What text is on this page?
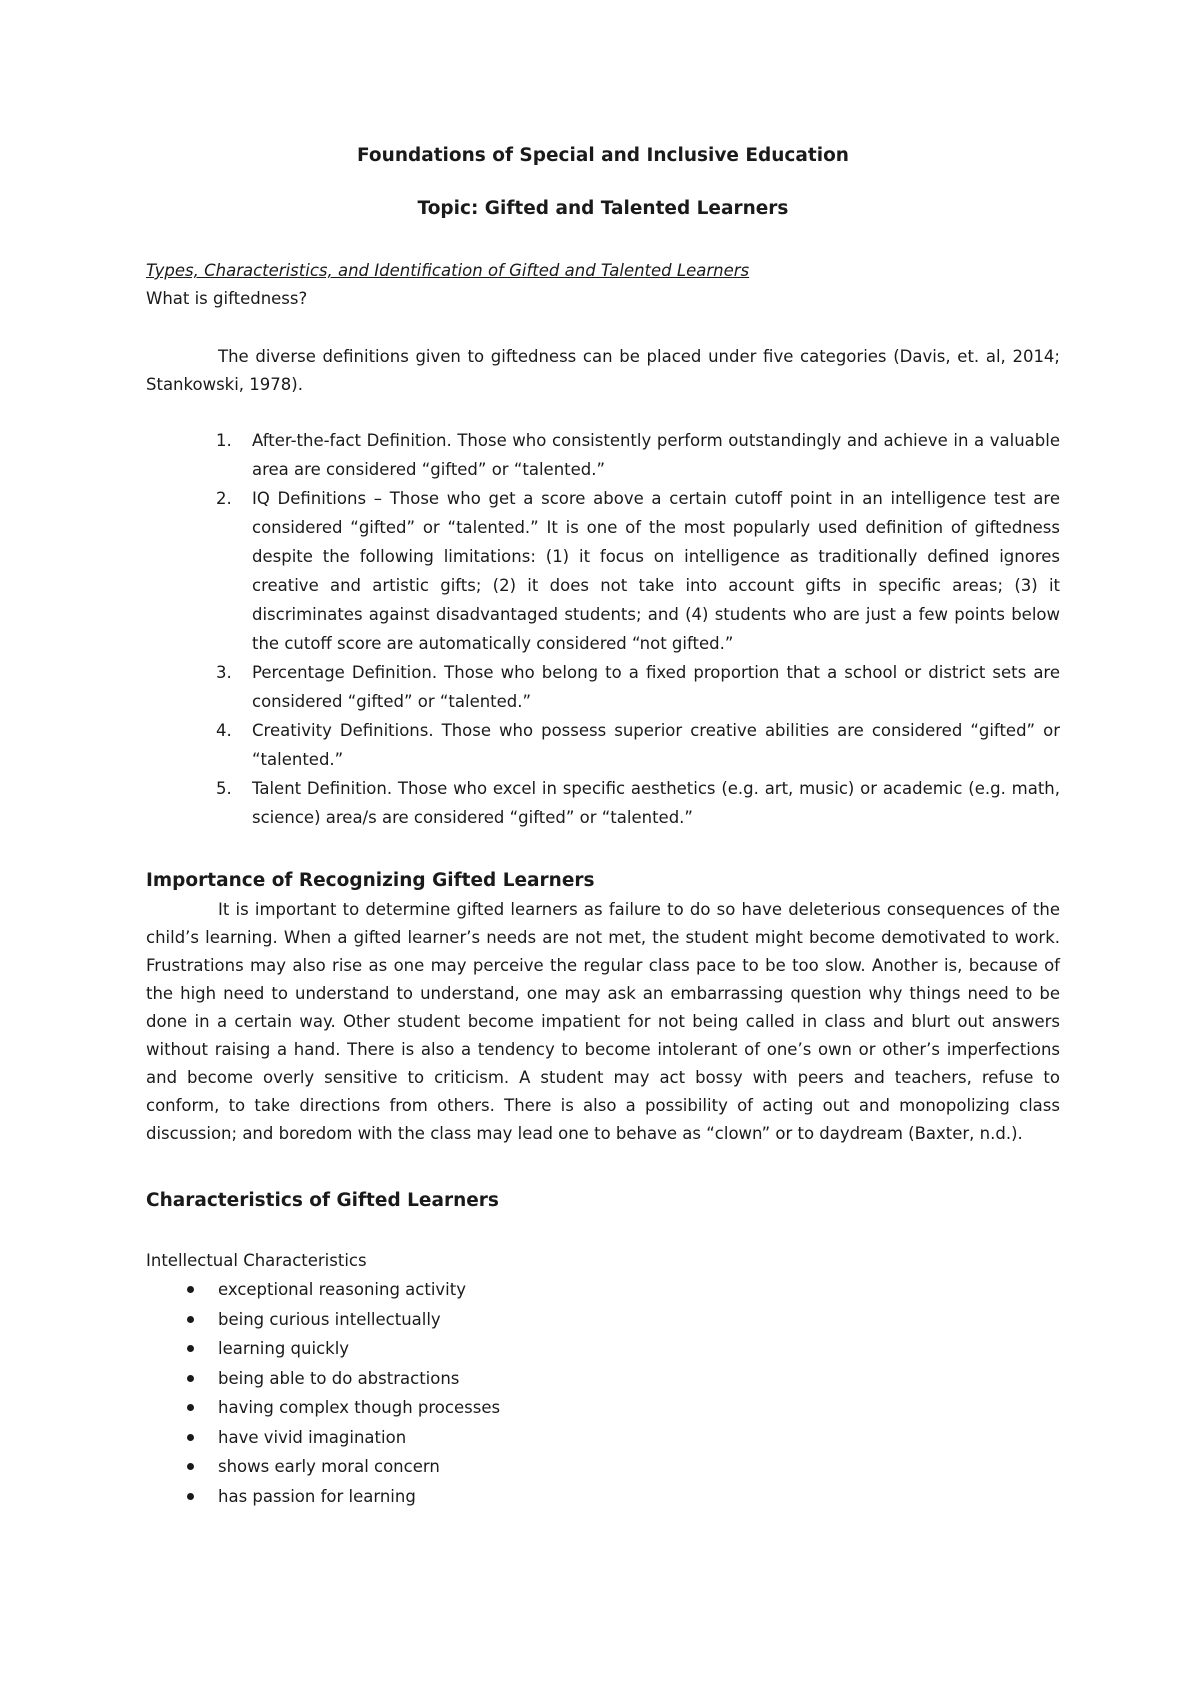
Foundations of Special and Inclusive Education

Topic: Gifted and Talented Learners

Types, Characteristics, and Identification of Gifted and Talented Learners

What is giftedness?

The diverse definitions given to giftedness can be placed under five categories (Davis, et. al, 2014; Stankowski, 1978).

1. After-the-fact Definition. Those who consistently perform outstandingly and achieve in a valuable area are considered “gifted” or “talented.”
2. IQ Definitions – Those who get a score above a certain cutoff point in an intelligence test are considered “gifted” or “talented.” It is one of the most popularly used definition of giftedness despite the following limitations: (1) it focus on intelligence as traditionally defined ignores creative and artistic gifts; (2) it does not take into account gifts in specific areas; (3) it discriminates against disadvantaged students; and (4) students who are just a few points below the cutoff score are automatically considered “not gifted.”
3. Percentage Definition. Those who belong to a fixed proportion that a school or district sets are considered “gifted” or “talented.”
4. Creativity Definitions. Those who possess superior creative abilities are considered “gifted” or “talented.”
5. Talent Definition. Those who excel in specific aesthetics (e.g. art, music) or academic (e.g. math, science) area/s are considered “gifted” or “talented.”

Importance of Recognizing Gifted Learners

It is important to determine gifted learners as failure to do so have deleterious consequences of the child’s learning. When a gifted learner’s needs are not met, the student might become demotivated to work. Frustrations may also rise as one may perceive the regular class pace to be too slow. Another is, because of the high need to understand to understand, one may ask an embarrassing question why things need to be done in a certain way. Other student become impatient for not being called in class and blurt out answers without raising a hand. There is also a tendency to become intolerant of one’s own or other’s imperfections and become overly sensitive to criticism. A student may act bossy with peers and teachers, refuse to conform, to take directions from others. There is also a possibility of acting out and monopolizing class discussion; and boredom with the class may lead one to behave as “clown” or to daydream (Baxter, n.d.).

Characteristics of Gifted Learners

Intellectual Characteristics

exceptional reasoning activity
being curious intellectually
learning quickly
being able to do abstractions
having complex though processes
have vivid imagination
shows early moral concern
has passion for learning
